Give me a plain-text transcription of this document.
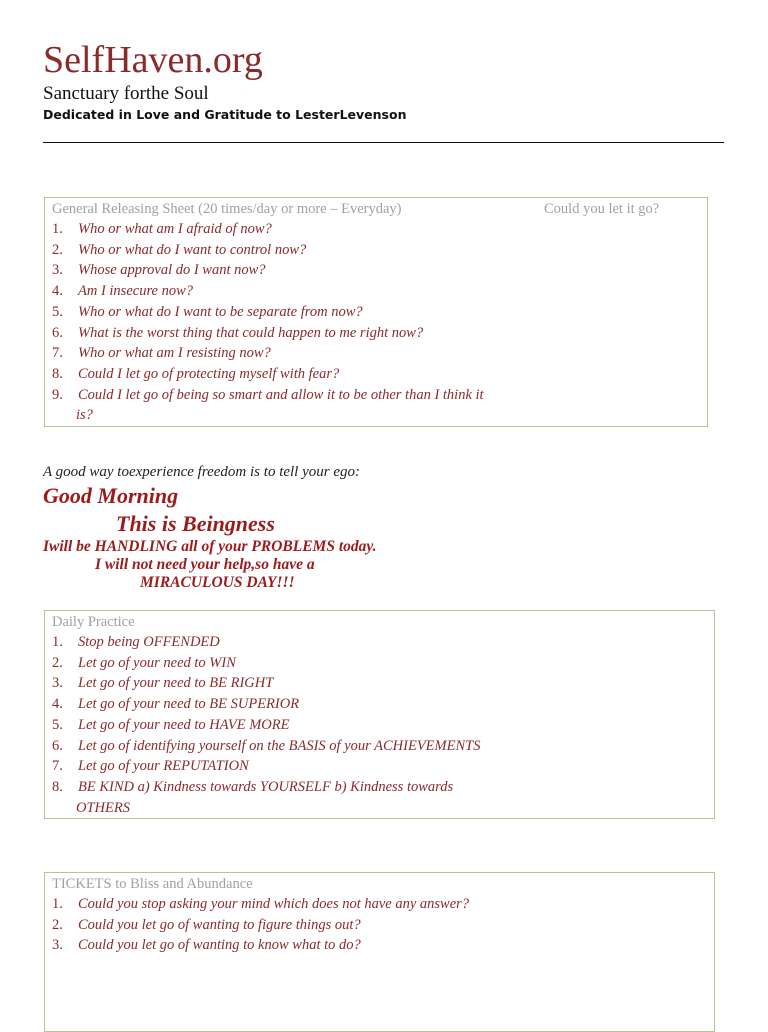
SelfHaven.org
Sanctuary forthe Soul
Dedicated in Love and Gratitude to LesterLevenson
General Releasing Sheet (20 times/day or more – Everyday)	Could you let it go?
1. Who or what am I afraid of now?
2. Who or what do I want to control now?
3. Whose approval do I want now?
4. Am I insecure now?
5. Who or what do I want to be separate from now?
6. What is the worst thing that could happen to me right now?
7. Who or what am I resisting now?
8. Could I let go of protecting myself with fear?
9. Could I let go of being so smart and allow it to be other than I think it
is?
A good way toexperience freedom is to tell your ego:
Good Morning
This is Beingness
Iwill be HANDLING all of your PROBLEMS today.
I will not need your help,so have a
MIRACULOUS DAY!!!
Daily Practice
1. Stop being OFFENDED
2. Let go of your need to WIN
3. Let go of your need to BE RIGHT
4. Let go of your need to BE SUPERIOR
5. Let go of your need to HAVE MORE
6. Let go of identifying yourself on the BASIS of your ACHIEVEMENTS
7. Let go of your REPUTATION
8. BE KIND a) Kindness towards YOURSELF b) Kindness towards
OTHERS
TICKETS to Bliss and Abundance
1. Could you stop asking your mind which does not have any answer?
2. Could you let go of wanting to figure things out?
3. Could you let go of wanting to know what to do?
